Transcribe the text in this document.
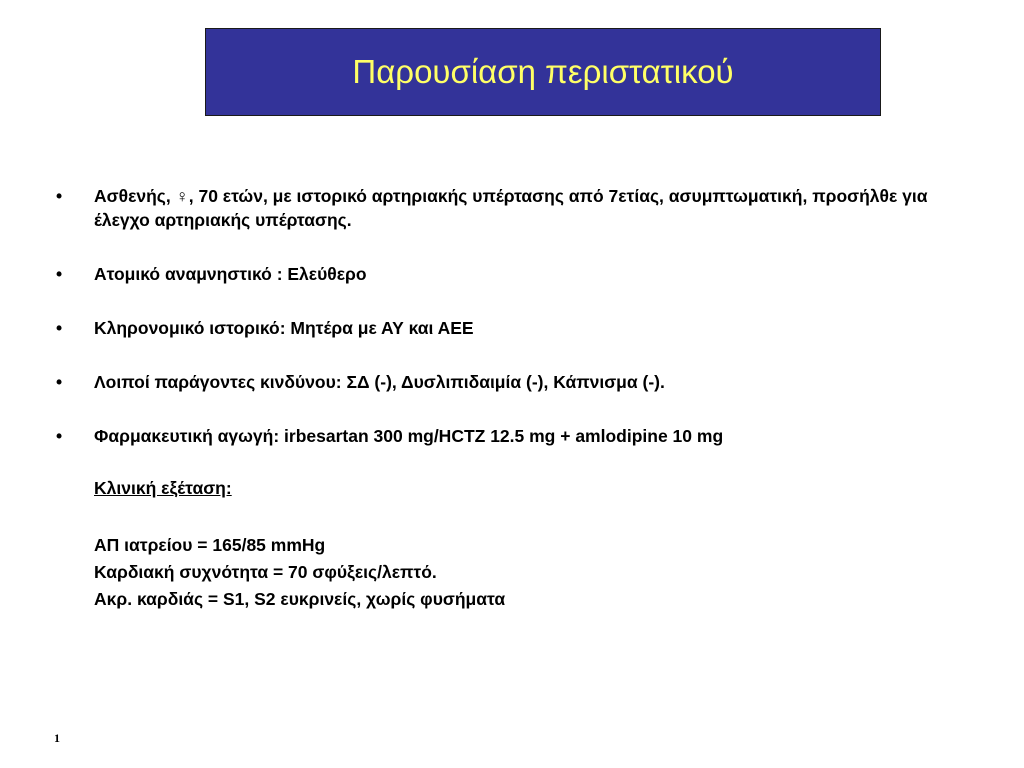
Παρουσίαση περιστατικού
•	Ασθενής, ♀, 70 ετών, με ιστορικό αρτηριακής υπέρτασης από 7ετίας, ασυμπτωματική, προσήλθε για έλεγχο αρτηριακής υπέρτασης.
•	Ατομικό αναμνηστικό : Ελεύθερο
•	Κληρονομικό ιστορικό: Μητέρα με ΑΥ και ΑΕΕ
•	Λοιποί παράγοντες κινδύνου: ΣΔ (-), Δυσλιπιδαιμία (-), Κάπνισμα (-).
•	Φαρμακευτική αγωγή: irbesartan 300 mg/HCTZ 12.5 mg + amlodipine 10 mg
Κλινική εξέταση:
ΑΠ ιατρείου = 165/85 mmHg
Καρδιακή συχνότητα = 70 σφύξεις/λεπτό.
Ακρ. καρδιάς = S1, S2 ευκρινείς, χωρίς φυσήματα
1
